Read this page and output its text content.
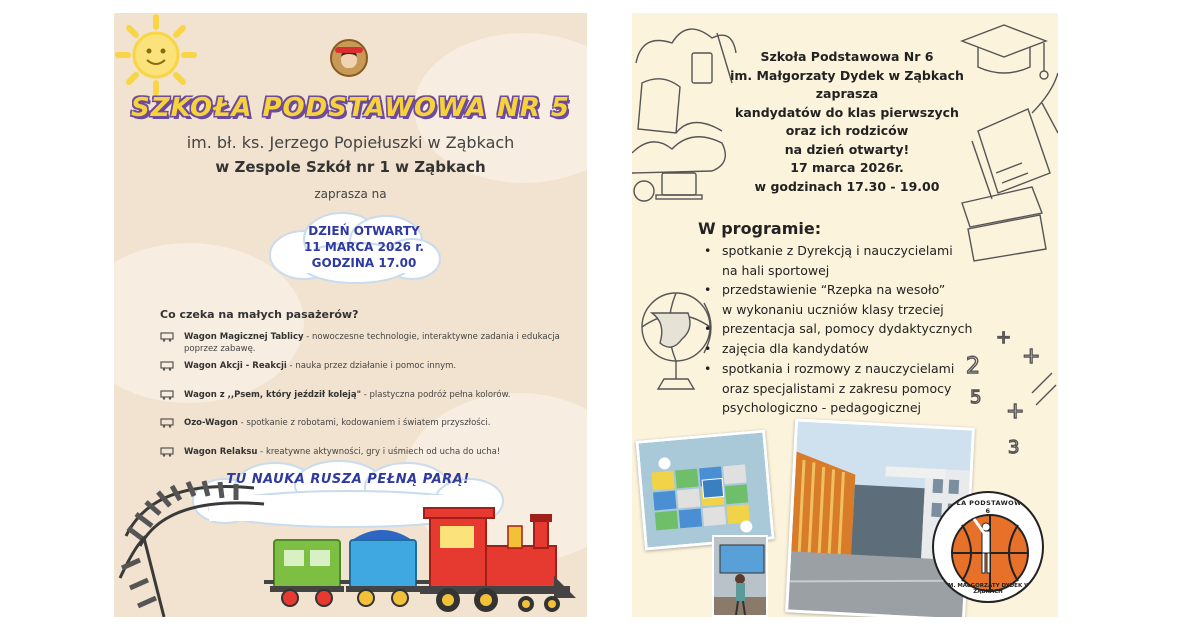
SZKOŁA PODSTAWOWA NR 5
im. bł. ks. Jerzego Popiełuszki w Ząbkach
w Zespole Szkół nr 1 w Ząbkach
zaprasza na
DZIEŃ OTWARTY
11 MARCA 2026 r.
GODZINA 17.00
Co czeka na małych pasażerów?
Wagon Magicznej Tablicy - nowoczesne technologie, interaktywne zadania i edukacja poprzez zabawę.
Wagon Akcji - Reakcji - nauka przez działanie i pomoc innym.
Wagon z ,,Psem, który jeździł koleją" - plastyczna podróż pełna kolorów.
Ozo-Wagon - spotkanie z robotami, kodowaniem i światem przyszłości.
Wagon Relaksu - kreatywne aktywności, gry i uśmiech od ucha do ucha!
TU NAUKA RUSZA PEŁNĄ PARĄ!
2
+
+
5
+
3
Szkoła Podstawowa Nr 6
im. Małgorzaty Dydek w Ząbkach
zaprasza
kandydatów do klas pierwszych
oraz ich rodziców
na dzień otwarty!
17 marca 2026r.
w godzinach 17.30 - 19.00
W programie:
• spotkanie z Dyrekcją i nauczycielami
na hali sportowej
• przedstawienie “Rzepka na wesoło”
w wykonaniu uczniów klasy trzeciej
• prezentacja sal, pomocy dydaktycznych
• zajęcia dla kandydatów
• spotkania i rozmowy z nauczycielami
oraz specjalistami z zakresu pomocy
psychologiczno - pedagogicznej
SZKOŁA PODSTAWOWA NR 6
IM. MAŁGORZATY DYDEK W ZĄBKACH
